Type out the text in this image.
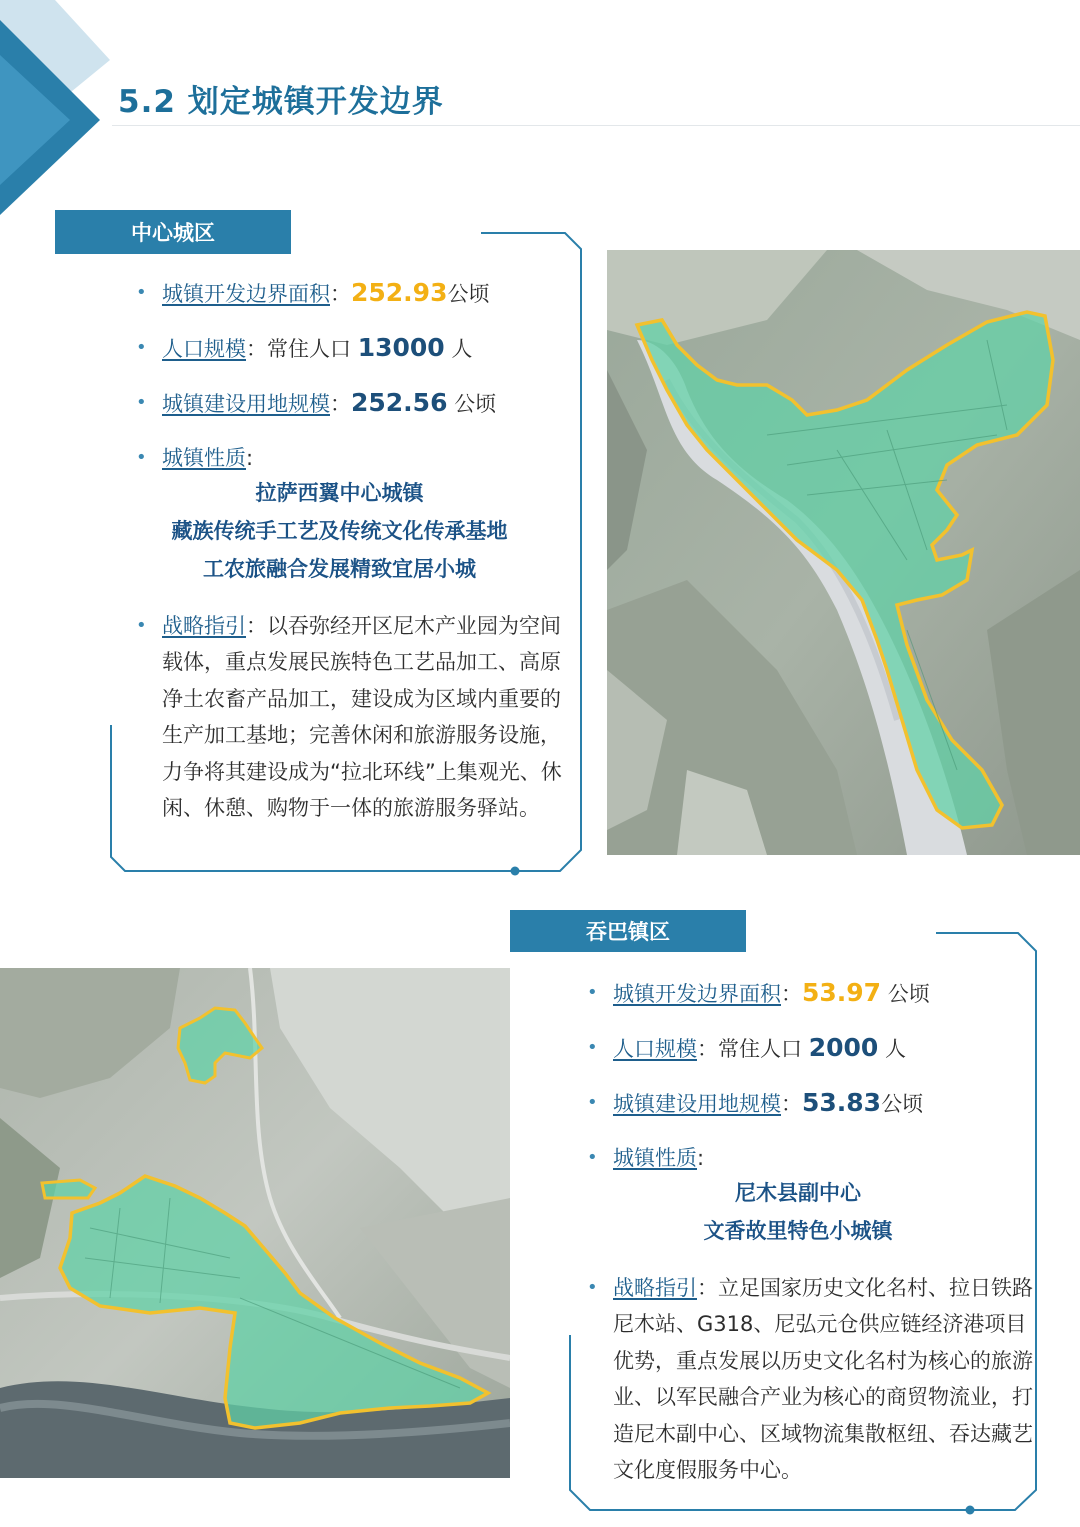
5.2 划定城镇开发边界
中心城区
• 城镇开发边界面积：252.93公顷
• 人口规模：常住人口 13000 人
• 城镇建设用地规模：252.56 公顷
• 城镇性质:
拉萨西翼中心城镇
藏族传统手工艺及传统文化传承基地
工农旅融合发展精致宜居小城
• 战略指引：以吞弥经开区尼木产业园为空间载体，重点发展民族特色工艺品加工、高原净土农畜产品加工，建设成为区域内重要的生产加工基地；完善休闲和旅游服务设施，力争将其建设成为“拉北环线”上集观光、休闲、休憩、购物于一体的旅游服务驿站。
吞巴镇区
• 城镇开发边界面积：53.97 公顷
• 人口规模：常住人口 2000 人
• 城镇建设用地规模：53.83公顷
• 城镇性质:
尼木县副中心
文香故里特色小城镇
• 战略指引：立足国家历史文化名村、拉日铁路尼木站、G318、尼弘元仓供应链经济港项目优势，重点发展以历史文化名村为核心的旅游业、以军民融合产业为核心的商贸物流业，打造尼木副中心、区域物流集散枢纽、吞达藏艺文化度假服务中心。
